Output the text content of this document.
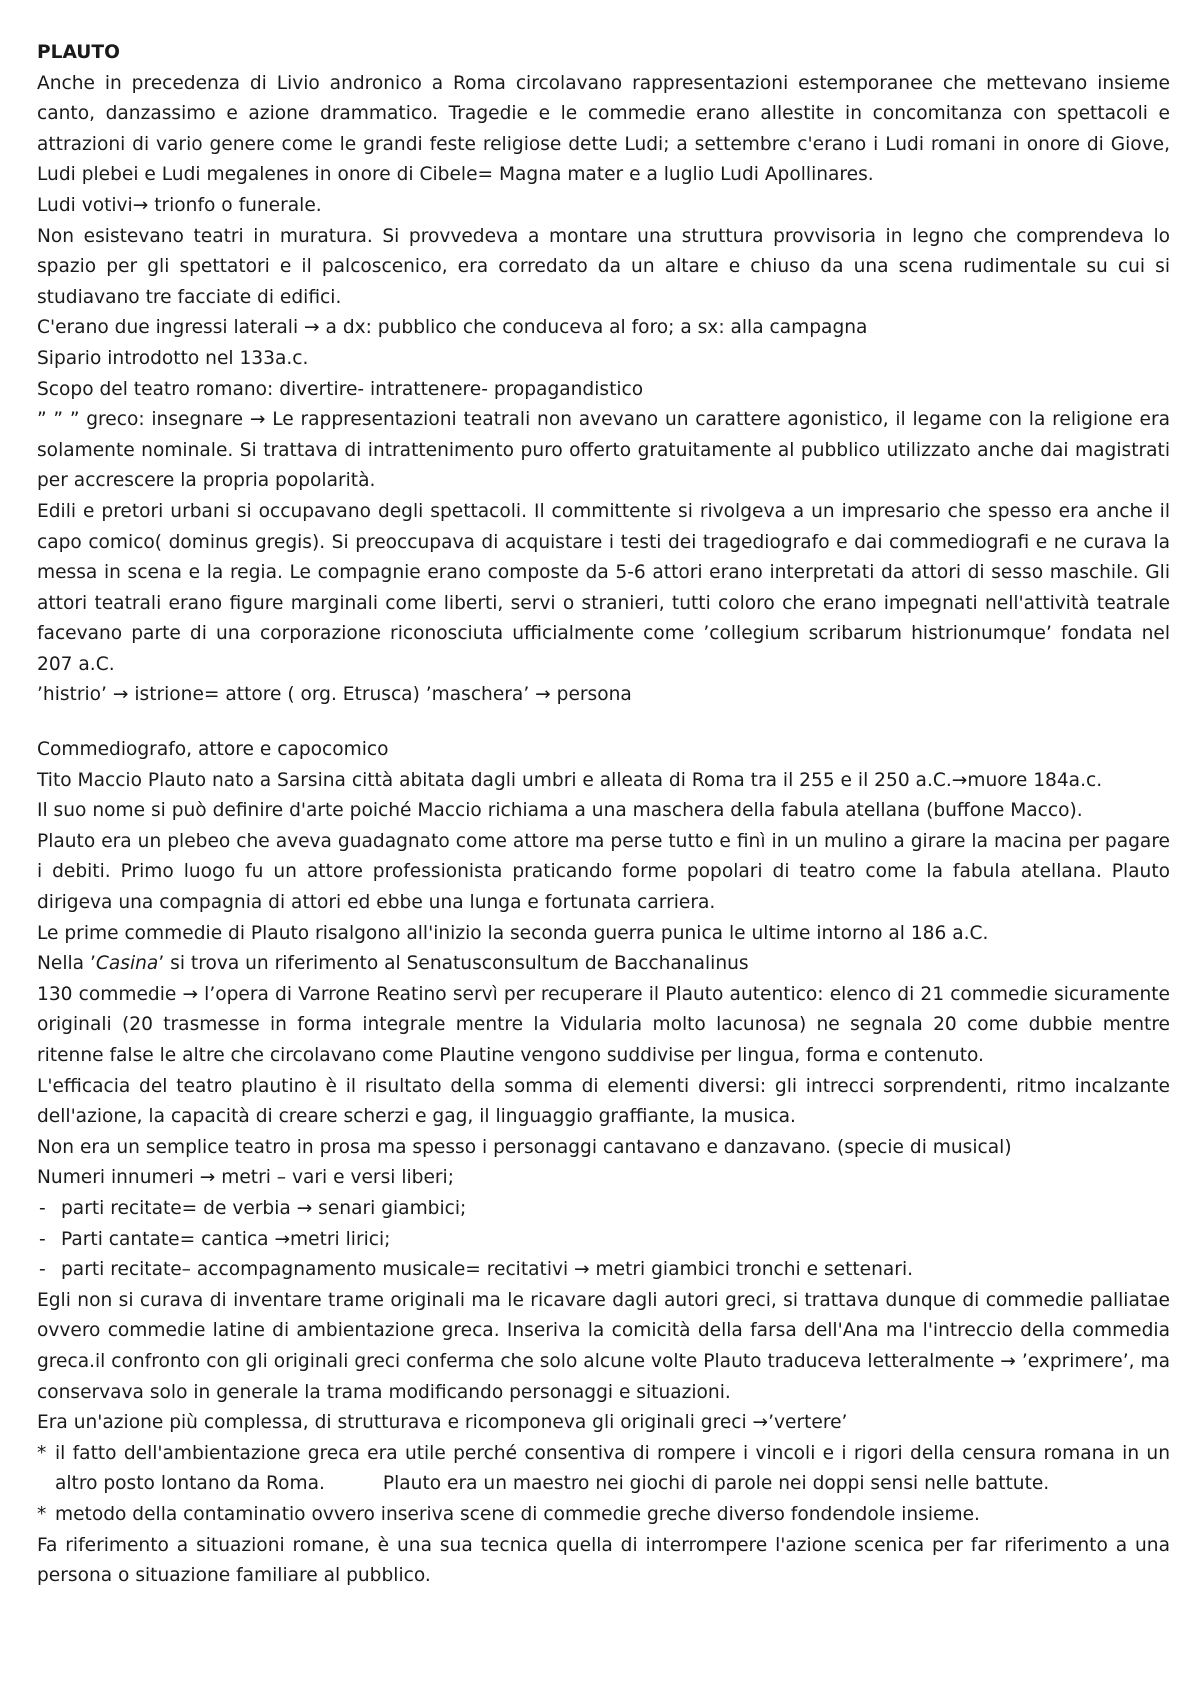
PLAUTO

Anche in precedenza di Livio andronico a Roma circolavano rappresentazioni estemporanee che mettevano insieme canto, danzassimo e azione drammatico. Tragedie e le commedie erano allestite in concomitanza con spettacoli e attrazioni di vario genere come le grandi feste religiose dette Ludi; a settembre c'erano i Ludi romani in onore di Giove, Ludi plebei e Ludi megalenes in onore di Cibele= Magna mater e a luglio Ludi Apollinares.

Ludi votivi→ trionfo o funerale.

Non esistevano teatri in muratura. Si provvedeva a montare una struttura provvisoria in legno che comprendeva lo spazio per gli spettatori e il palcoscenico, era corredato da un altare e chiuso da una scena rudimentale su cui si studiavano tre facciate di edifici.

C'erano due ingressi laterali → a dx: pubblico che conduceva al foro; a sx: alla campagna

Sipario introdotto nel 133a.c.

Scopo del teatro romano: divertire- intrattenere- propagandistico

” ” ” greco: insegnare → Le rappresentazioni teatrali non avevano un carattere agonistico, il legame con la religione era solamente nominale. Si trattava di intrattenimento puro offerto gratuitamente al pubblico utilizzato anche dai magistrati per accrescere la propria popolarità.

Edili e pretori urbani si occupavano degli spettacoli. Il committente si rivolgeva a un impresario che spesso era anche il capo comico( dominus gregis). Si preoccupava di acquistare i testi dei tragediografo e dai commediografi e ne curava la messa in scena e la regia. Le compagnie erano composte da 5-6 attori erano interpretati da attori di sesso maschile. Gli attori teatrali erano figure marginali come liberti, servi o stranieri, tutti coloro che erano impegnati nell'attività teatrale facevano parte di una corporazione riconosciuta ufficialmente come ’collegium scribarum histrionumque’ fondata nel 207 a.C.

’histrio’ → istrione= attore ( org. Etrusca) ’maschera’ → persona

Commediografo, attore e capocomico

Tito Maccio Plauto nato a Sarsina città abitata dagli umbri e alleata di Roma tra il 255 e il 250 a.C.→muore 184a.c.

Il suo nome si può definire d'arte poiché Maccio richiama a una maschera della fabula atellana (buffone Macco).

Plauto era un plebeo che aveva guadagnato come attore ma perse tutto e finì in un mulino a girare la macina per pagare i debiti. Primo luogo fu un attore professionista praticando forme popolari di teatro come la fabula atellana. Plauto dirigeva una compagnia di attori ed ebbe una lunga e fortunata carriera.

Le prime commedie di Plauto risalgono all'inizio la seconda guerra punica le ultime intorno al 186 a.C.

Nella ’Casina’ si trova un riferimento al Senatusconsultum de Bacchanalinus

130 commedie → l’opera di Varrone Reatino servì per recuperare il Plauto autentico: elenco di 21 commedie sicuramente originali (20 trasmesse in forma integrale mentre la Vidularia molto lacunosa) ne segnala 20 come dubbie mentre ritenne false le altre che circolavano come Plautine vengono suddivise per lingua, forma e contenuto.

L'efficacia del teatro plautino è il risultato della somma di elementi diversi: gli intrecci sorprendenti, ritmo incalzante dell'azione, la capacità di creare scherzi e gag, il linguaggio graffiante, la musica.

Non era un semplice teatro in prosa ma spesso i personaggi cantavano e danzavano. (specie di musical)

Numeri innumeri → metri – vari e versi liberi;

- parti recitate= de verbia → senari giambici;

- Parti cantate= cantica →metri lirici;

- parti recitate– accompagnamento musicale= recitativi → metri giambici tronchi e settenari.

Egli non si curava di inventare trame originali ma le ricavare dagli autori greci, si trattava dunque di commedie palliatae ovvero commedie latine di ambientazione greca. Inseriva la comicità della farsa dell'Ana ma l'intreccio della commedia greca.il confronto con gli originali greci conferma che solo alcune volte Plauto traduceva letteralmente → ’exprimere’, ma conservava solo in generale la trama modificando personaggi e situazioni.

Era un'azione più complessa, di strutturava e ricomponeva gli originali greci →’vertere’

* il fatto dell'ambientazione greca era utile perché consentiva di rompere i vincoli e i rigori della censura romana in un altro posto lontano da Roma.	Plauto era un maestro nei giochi di parole nei doppi sensi nelle battute.

* metodo della contaminatio ovvero inseriva scene di commedie greche diverso fondendole insieme.

Fa riferimento a situazioni romane, è una sua tecnica quella di interrompere l'azione scenica per far riferimento a una persona o situazione familiare al pubblico.
